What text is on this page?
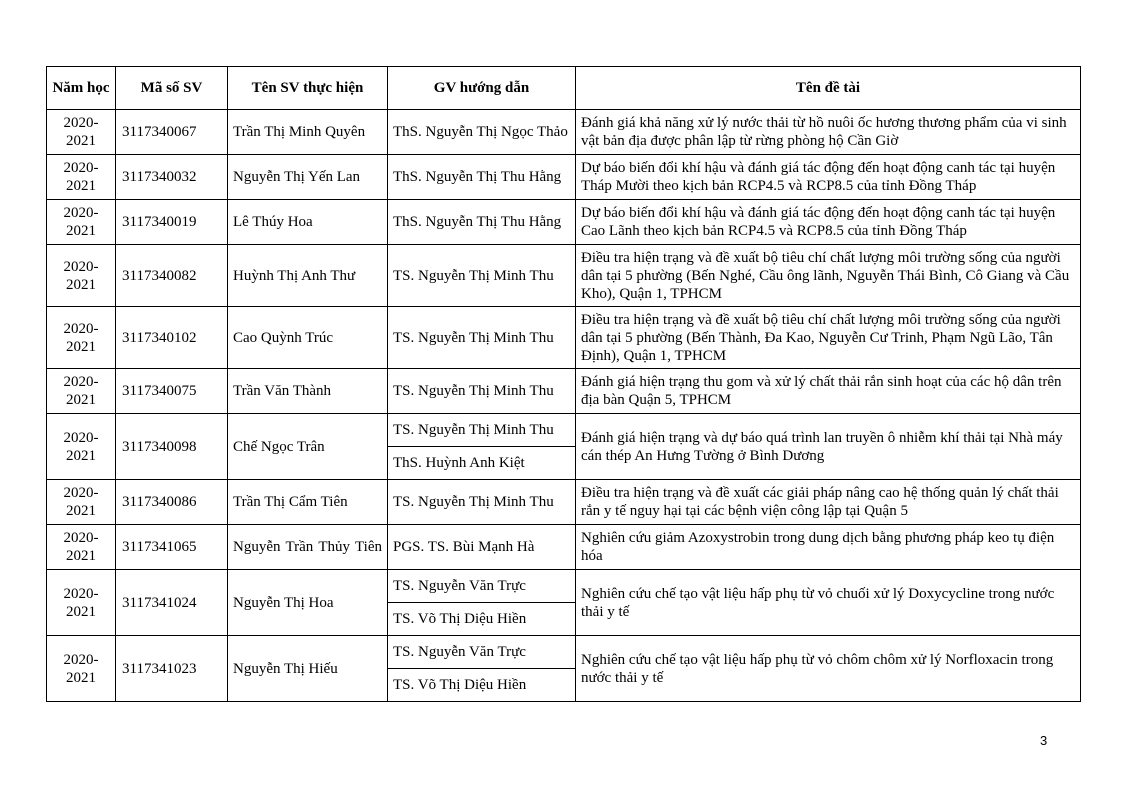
Năm học	Mã số SV	Tên SV thực hiện	GV hướng dẫn	Tên đề tài
2020-2021	3117340067	Trần Thị Minh Quyên	ThS. Nguyễn Thị Ngọc Thảo	Đánh giá khả năng xử lý nước thải từ hồ nuôi ốc hương thương phẩm của vi sinh vật bản địa được phân lập từ rừng phòng hộ Cần Giờ
2020-2021	3117340032	Nguyễn Thị Yến Lan	ThS. Nguyễn Thị Thu Hằng	Dự báo biến đổi khí hậu và đánh giá tác động đến hoạt động canh tác tại huyện Tháp Mười theo kịch bản RCP4.5 và RCP8.5 của tỉnh Đồng Tháp
2020-2021	3117340019	Lê Thúy Hoa	ThS. Nguyễn Thị Thu Hằng	Dự báo biến đổi khí hậu và đánh giá tác động đến hoạt động canh tác tại huyện Cao Lãnh theo kịch bản RCP4.5 và RCP8.5 của tỉnh Đồng Tháp
2020-2021	3117340082	Huỳnh Thị Anh Thư	TS. Nguyễn Thị Minh Thu	Điều tra hiện trạng và đề xuất bộ tiêu chí chất lượng môi trường sống của người dân tại 5 phường (Bến Nghé, Cầu ông lãnh, Nguyễn Thái Bình, Cô Giang và Cầu Kho), Quận 1, TPHCM
2020-2021	3117340102	Cao Quỳnh Trúc	TS. Nguyễn Thị Minh Thu	Điều tra hiện trạng và đề xuất bộ tiêu chí chất lượng môi trường sống của người dân tại 5 phường (Bến Thành, Đa Kao, Nguyễn Cư Trinh, Phạm Ngũ Lão, Tân Định), Quận 1, TPHCM
2020-2021	3117340075	Trần Văn Thành	TS. Nguyễn Thị Minh Thu	Đánh giá hiện trạng thu gom và xử lý chất thải rắn sinh hoạt của các hộ dân trên địa bàn Quận 5, TPHCM
2020-2021	3117340098	Chế Ngọc Trân	TS. Nguyễn Thị Minh Thu	Đánh giá hiện trạng và dự báo quá trình lan truyền ô nhiễm khí thải tại Nhà máy cán thép An Hưng Tường ở Bình Dương
			ThS. Huỳnh Anh Kiệt	
2020-2021	3117340086	Trần Thị Cẩm Tiên	TS. Nguyễn Thị Minh Thu	Điều tra hiện trạng và đề xuất các giải pháp nâng cao hệ thống quản lý chất thải rắn y tế nguy hại tại các bệnh viện công lập tại Quận 5
2020-2021	3117341065	Nguyễn Trần Thủy Tiên	PGS. TS. Bùi Mạnh Hà	Nghiên cứu giảm Azoxystrobin trong dung dịch bằng phương pháp keo tụ điện hóa
2020-2021	3117341024	Nguyễn Thị Hoa	TS. Nguyễn Văn Trực	Nghiên cứu chế tạo vật liệu hấp phụ từ vỏ chuối xử lý Doxycycline trong nước thải y tế
			TS. Võ Thị Diệu Hiền	
2020-2021	3117341023	Nguyễn Thị Hiếu	TS. Nguyễn Văn Trực	Nghiên cứu chế tạo vật liệu hấp phụ từ vỏ chôm chôm xử lý Norfloxacin trong nước thải y tế
			TS. Võ Thị Diệu Hiền	
3
